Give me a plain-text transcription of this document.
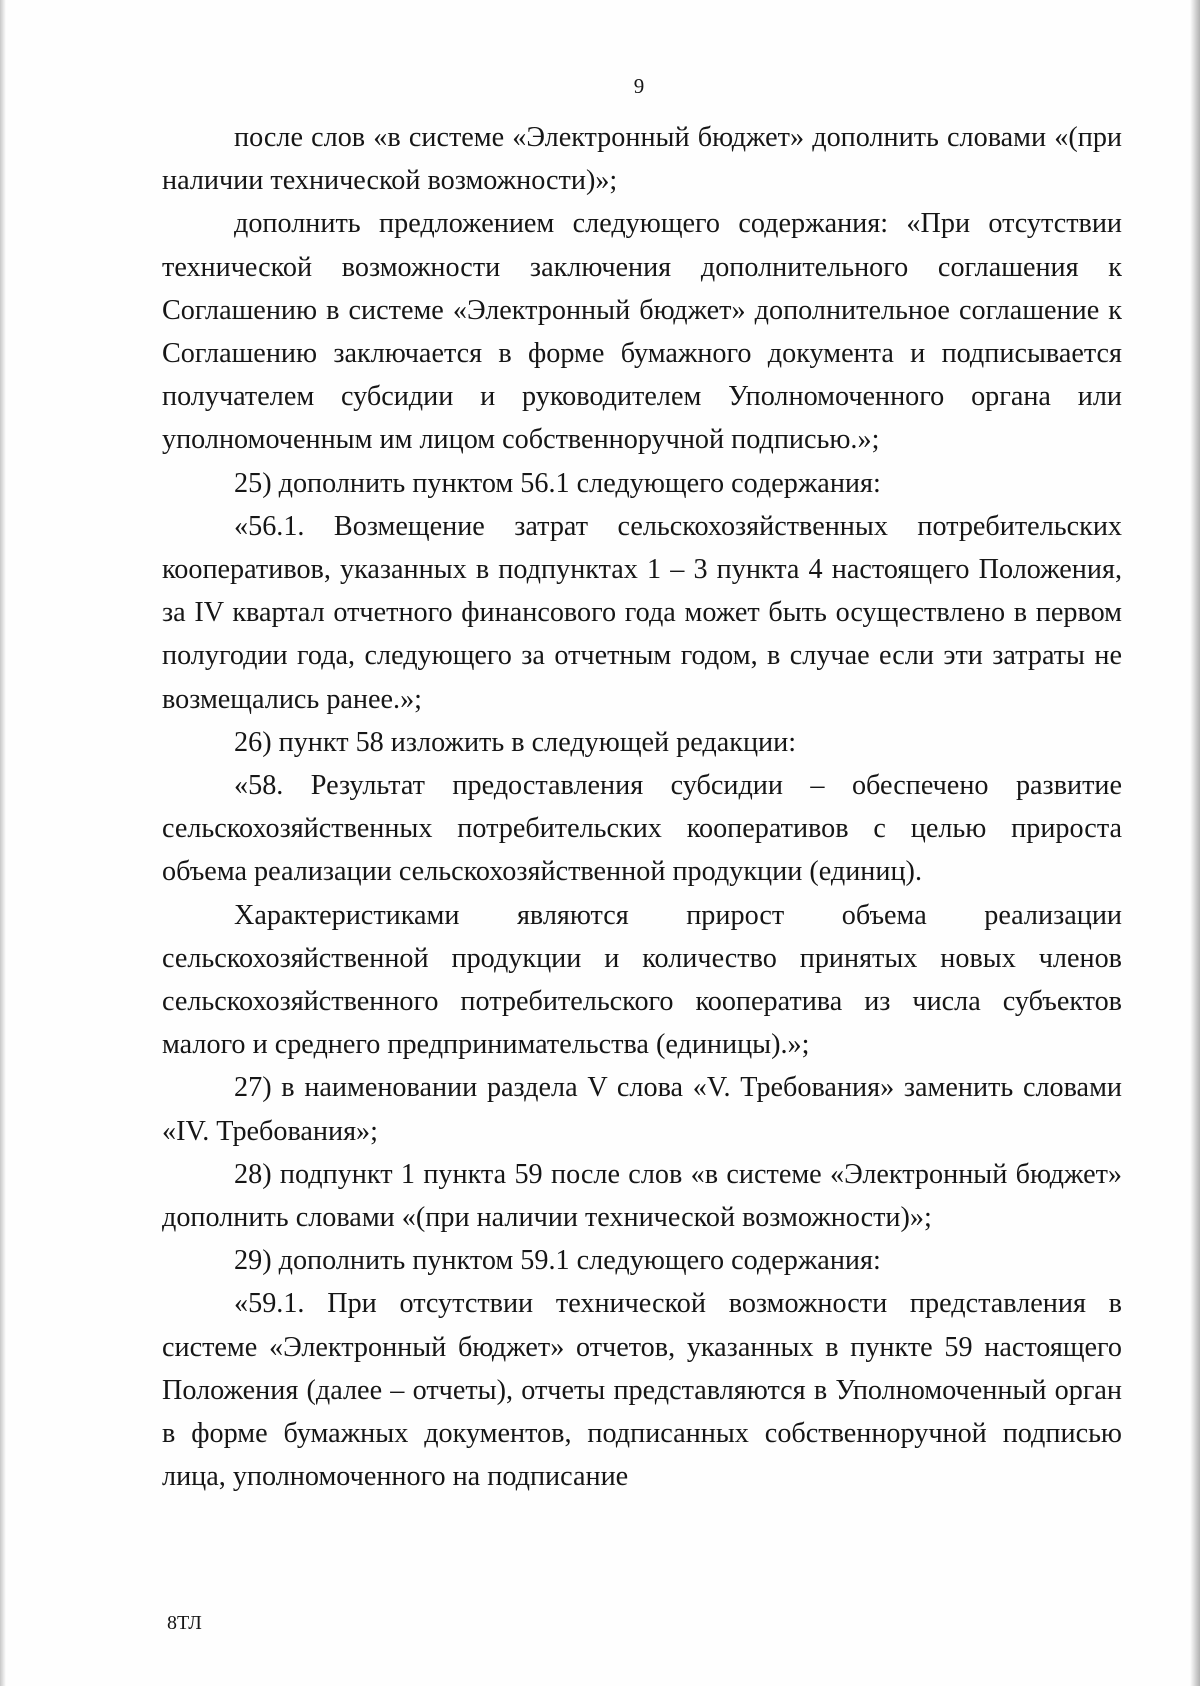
9

после слов «в системе «Электронный бюджет» дополнить словами «(при наличии технической возможности)»;

дополнить предложением следующего содержания: «При отсутствии технической возможности заключения дополнительного соглашения к Соглашению в системе «Электронный бюджет» дополнительное соглашение к Соглашению заключается в форме бумажного документа и подписывается получателем субсидии и руководителем Уполномоченного органа или уполномоченным им лицом собственноручной подписью.»;

25) дополнить пунктом 56.1 следующего содержания:

«56.1. Возмещение затрат сельскохозяйственных потребительских кооперативов, указанных в подпунктах 1 – 3 пункта 4 настоящего Положения, за IV квартал отчетного финансового года может быть осуществлено в первом полугодии года, следующего за отчетным годом, в случае если эти затраты не возмещались ранее.»;

26) пункт 58 изложить в следующей редакции:

«58. Результат предоставления субсидии – обеспечено развитие сельскохозяйственных потребительских кооперативов с целью прироста объема реализации сельскохозяйственной продукции (единиц).

Характеристиками являются прирост объема реализации сельскохозяйственной продукции и количество принятых новых членов сельскохозяйственного потребительского кооператива из числа субъектов малого и среднего предпринимательства (единицы).»;

27) в наименовании раздела V слова «V. Требования» заменить словами «IV. Требования»;

28) подпункт 1 пункта 59 после слов «в системе «Электронный бюджет» дополнить словами «(при наличии технической возможности)»;

29) дополнить пунктом 59.1 следующего содержания:

«59.1. При отсутствии технической возможности представления в системе «Электронный бюджет» отчетов, указанных в пункте 59 настоящего Положения (далее – отчеты), отчеты представляются в Уполномоченный орган в форме бумажных документов, подписанных собственноручной подписью лица, уполномоченного на подписание

8ТЛ
